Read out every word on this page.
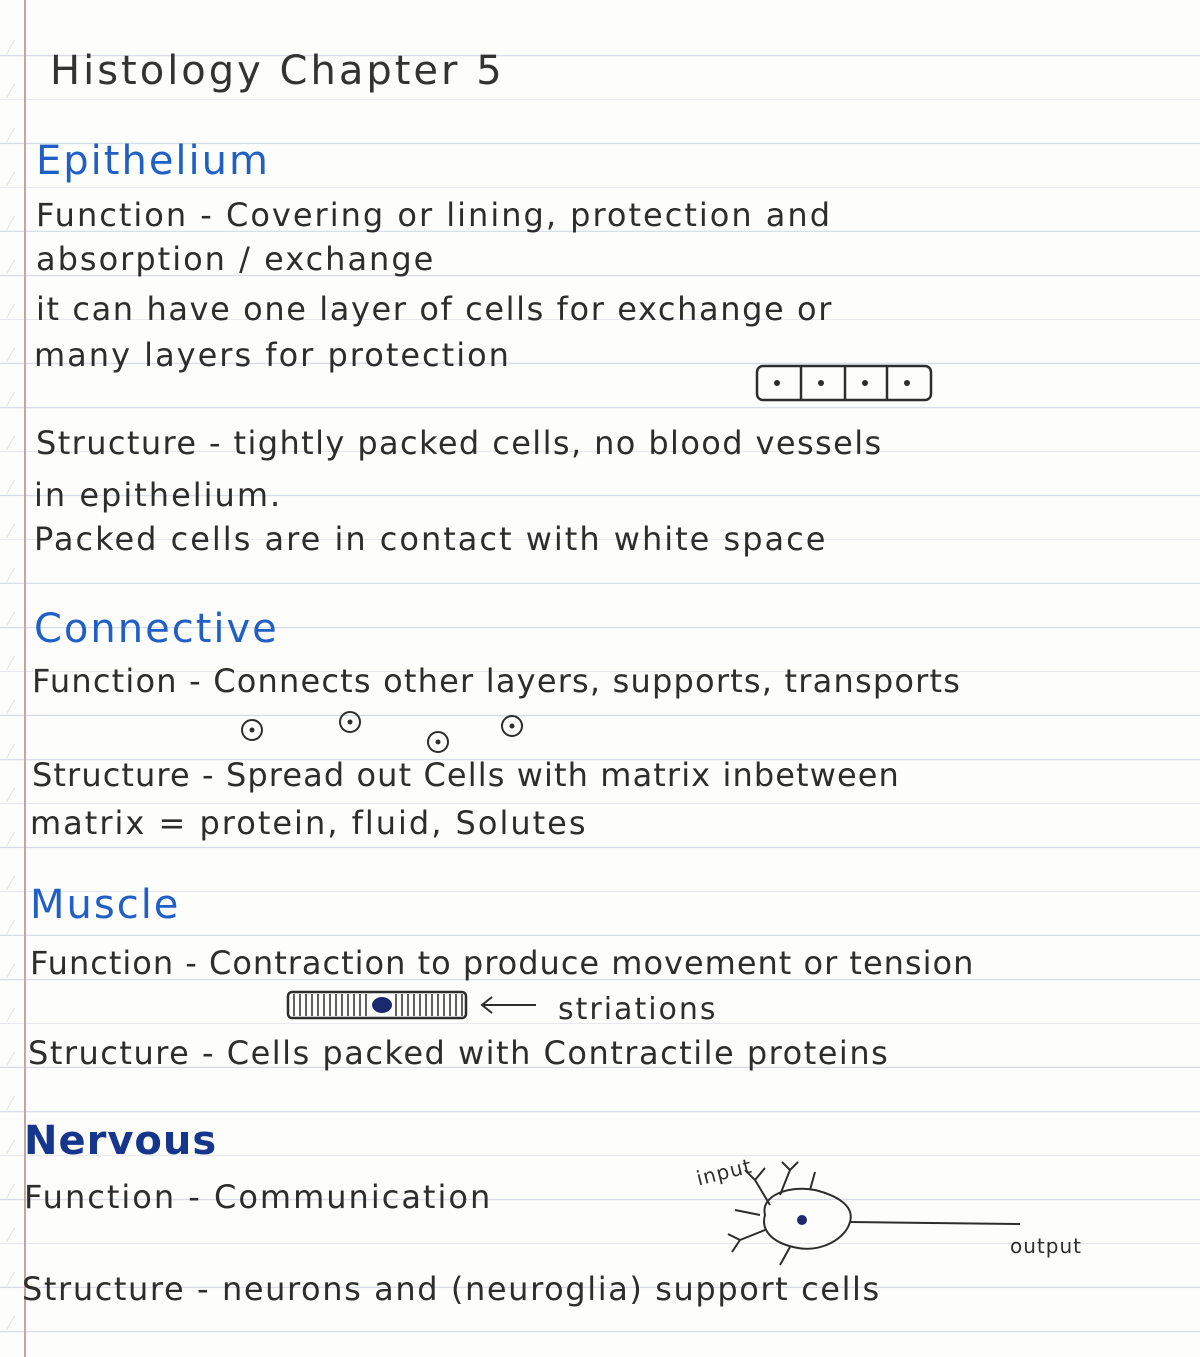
Histology Chapter 5
Epithelium
Function - Covering or lining, protection and
absorption / exchange
it can have one layer of cells for exchange or
many layers for protection
Structure - tightly packed cells, no blood vessels
in epithelium.
Packed cells are in contact with white space
Connective
Function - Connects other layers, supports, transports
Structure - Spread out Cells with matrix inbetween
matrix = protein, fluid, Solutes
Muscle
Function - Contraction to produce movement or tension
striations
Structure - Cells packed with Contractile proteins
Nervous
Function - Communication
input
output
Structure - neurons and (neuroglia) support cells
